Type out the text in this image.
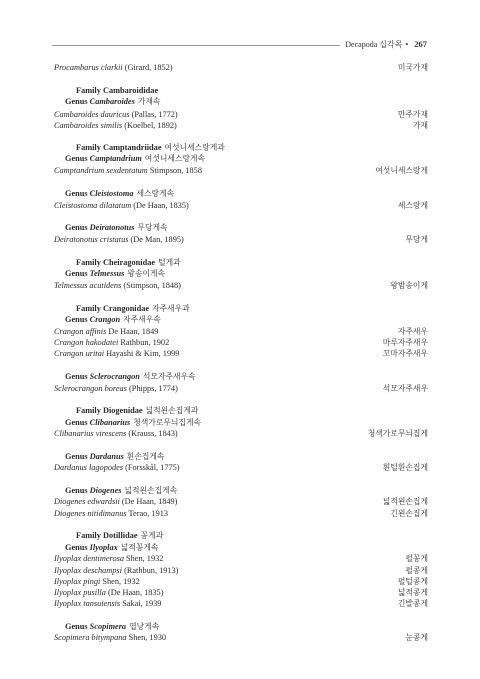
Decapoda 십각목 • 267
Procambarus clarkii (Girard, 1852)	미국가재
Family Cambaroididae
Genus Cambaroides 가재속
Cambaroides dauricus (Pallas, 1772)	만주가재
Cambaroides similis (Koelbel, 1892)	가재
Family Camptandriidae 여섯니세스랑게과
Genus Camptandrium 여섯니세스랑게속
Camptandrium sexdentatum Stimpson, 1858	여섯니세스랑게
Genus Cleistostoma 세스랑게속
Cleistostoma dilatatum (De Haan, 1835)	세스랑게
Genus Deiratonotus 무당게속
Deiratonotus cristatus (De Man, 1895)	무당게
Family Cheiragonidae 털게과
Genus Telmessus 왕송이게속
Telmessus acutidens (Stimpson, 1848)	왕밤송이게
Family Crangonidae 자주새우과
Genus Crangon 자주새우속
Crangon affinis De Haan, 1849	자주새우
Crangon hakodatei Rathbun, 1902	마루자주새우
Crangon uritai Hayashi & Kim, 1999	꼬마자주새우
Genus Sclerocrangon 석모자주새우속
Sclerocrangon boreas (Phipps, 1774)	석모자주새우
Family Diogenidae 넓적왼손집게과
Genus Clibanarius 청색가로무늬집게속
Clibanarius virescens (Krauss, 1843)	청색가로무늬집게
Genus Dardanus 흰손집게속
Dardanus lagopodes (Forsskål, 1775)	흰털흰손집게
Genus Diogenes 넓적왼손집게속
Diogenes edwardsii (De Haan, 1849)	넓적왼손집게
Diogenes nitidimanus Terao, 1913	긴왼손집게
Family Dotillidae 꽁게과
Genus Ilyoplax 넓적꽁게속
Ilyoplax dentimerosa Shen, 1932	펄꽁게
Ilyoplax deschampsi (Rathbun, 1913)	펄콩게
Ilyoplax pingi Shen, 1932	펄털콩게
Ilyoplax pusilla (De Haan, 1835)	넓적콩게
Ilyoplax tansuiensis Sakai, 1939	긴발콩게
Genus Scopimera 엽낭게속
Scopimera bitympana Shen, 1930	눈콩게
